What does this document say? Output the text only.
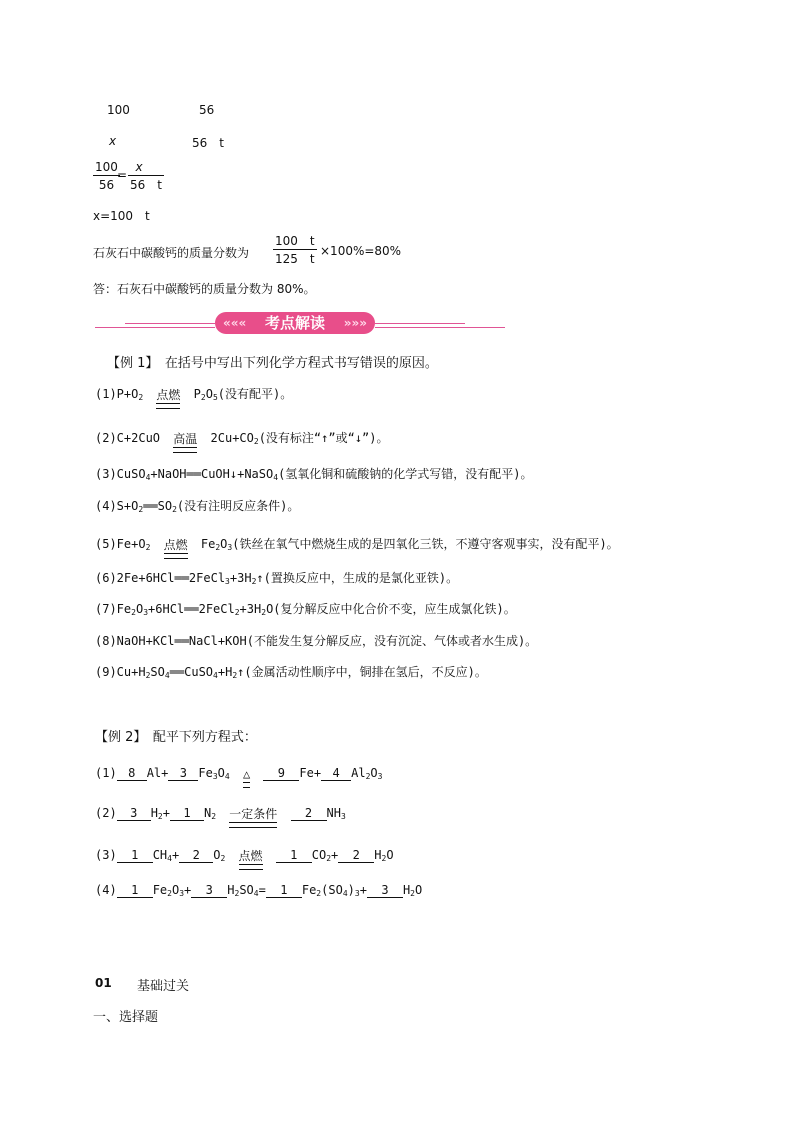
100	56
x	56　t
$\frac{100}{56}$
= $\frac{x}{56 t}$
x=100　t
石灰石中碳酸钙的质量分数为 $\frac{100 t}{125 t} \times 100\%=80\%$
答：石灰石中碳酸钙的质量分数为 80%。
«««	考点解读	»»»
【例 1】　在括号中写出下列化学方程式书写错误的原因。
$(1)P+O_2$ 点燃 $P_2O_5$(没有配平)。
(2)C+2CuO 高温 $2Cu+CO_2$(没有标注“↑”或“↓”)。
(3)CuSO$_4$+NaOH══CuOH↓+NaSO$_4$(氢氧化铜和硫酸钠的化学式写错，没有配平)。
$(4)S+O_2══SO_2$(没有注明反应条件)。
$(5)Fe+O_2$ 点燃 $Fe_2O_3$(铁丝在氧气中燃烧生成的是四氧化三铁，不遵守客观事实，没有配平)。
$(6)2Fe+6HCl══2FeCl_3+3H_2↑$(置换反应中，生成的是氯化亚铁)。
$(7)Fe_2O_3+6HCl══2FeCl_2+3H_2O$(复分解反应中化合价不变，应生成氯化铁)。
(8)NaOH+KCl══NaCl+KOH(不能发生复分解反应，没有沉淀、气体或者水生成)。
$(9)Cu+H_2SO_4══CuSO_4+H_2↑$(金属活动性顺序中，铜排在氢后，不反应)。
【例 2】　配平下列方程式：
(1) 8 Al+ 3 $Fe_3O_4$ △ 9 Fe+ 4 $Al_2O_3$
(2) 3 $H_2+ 1$ $N_2$ 一定条件 2 $NH_3$
(3) 1 $CH_4+ 2$ $O_2$ 点燃 1 $CO_2+ 2$ $H_2O$
(4) 1 $Fe_2O_3+ 3$ $H_2SO_4= 1$ $Fe_2(SO_4)_3+ 3$ $H_2O$
01 基础过关
一、选择题
